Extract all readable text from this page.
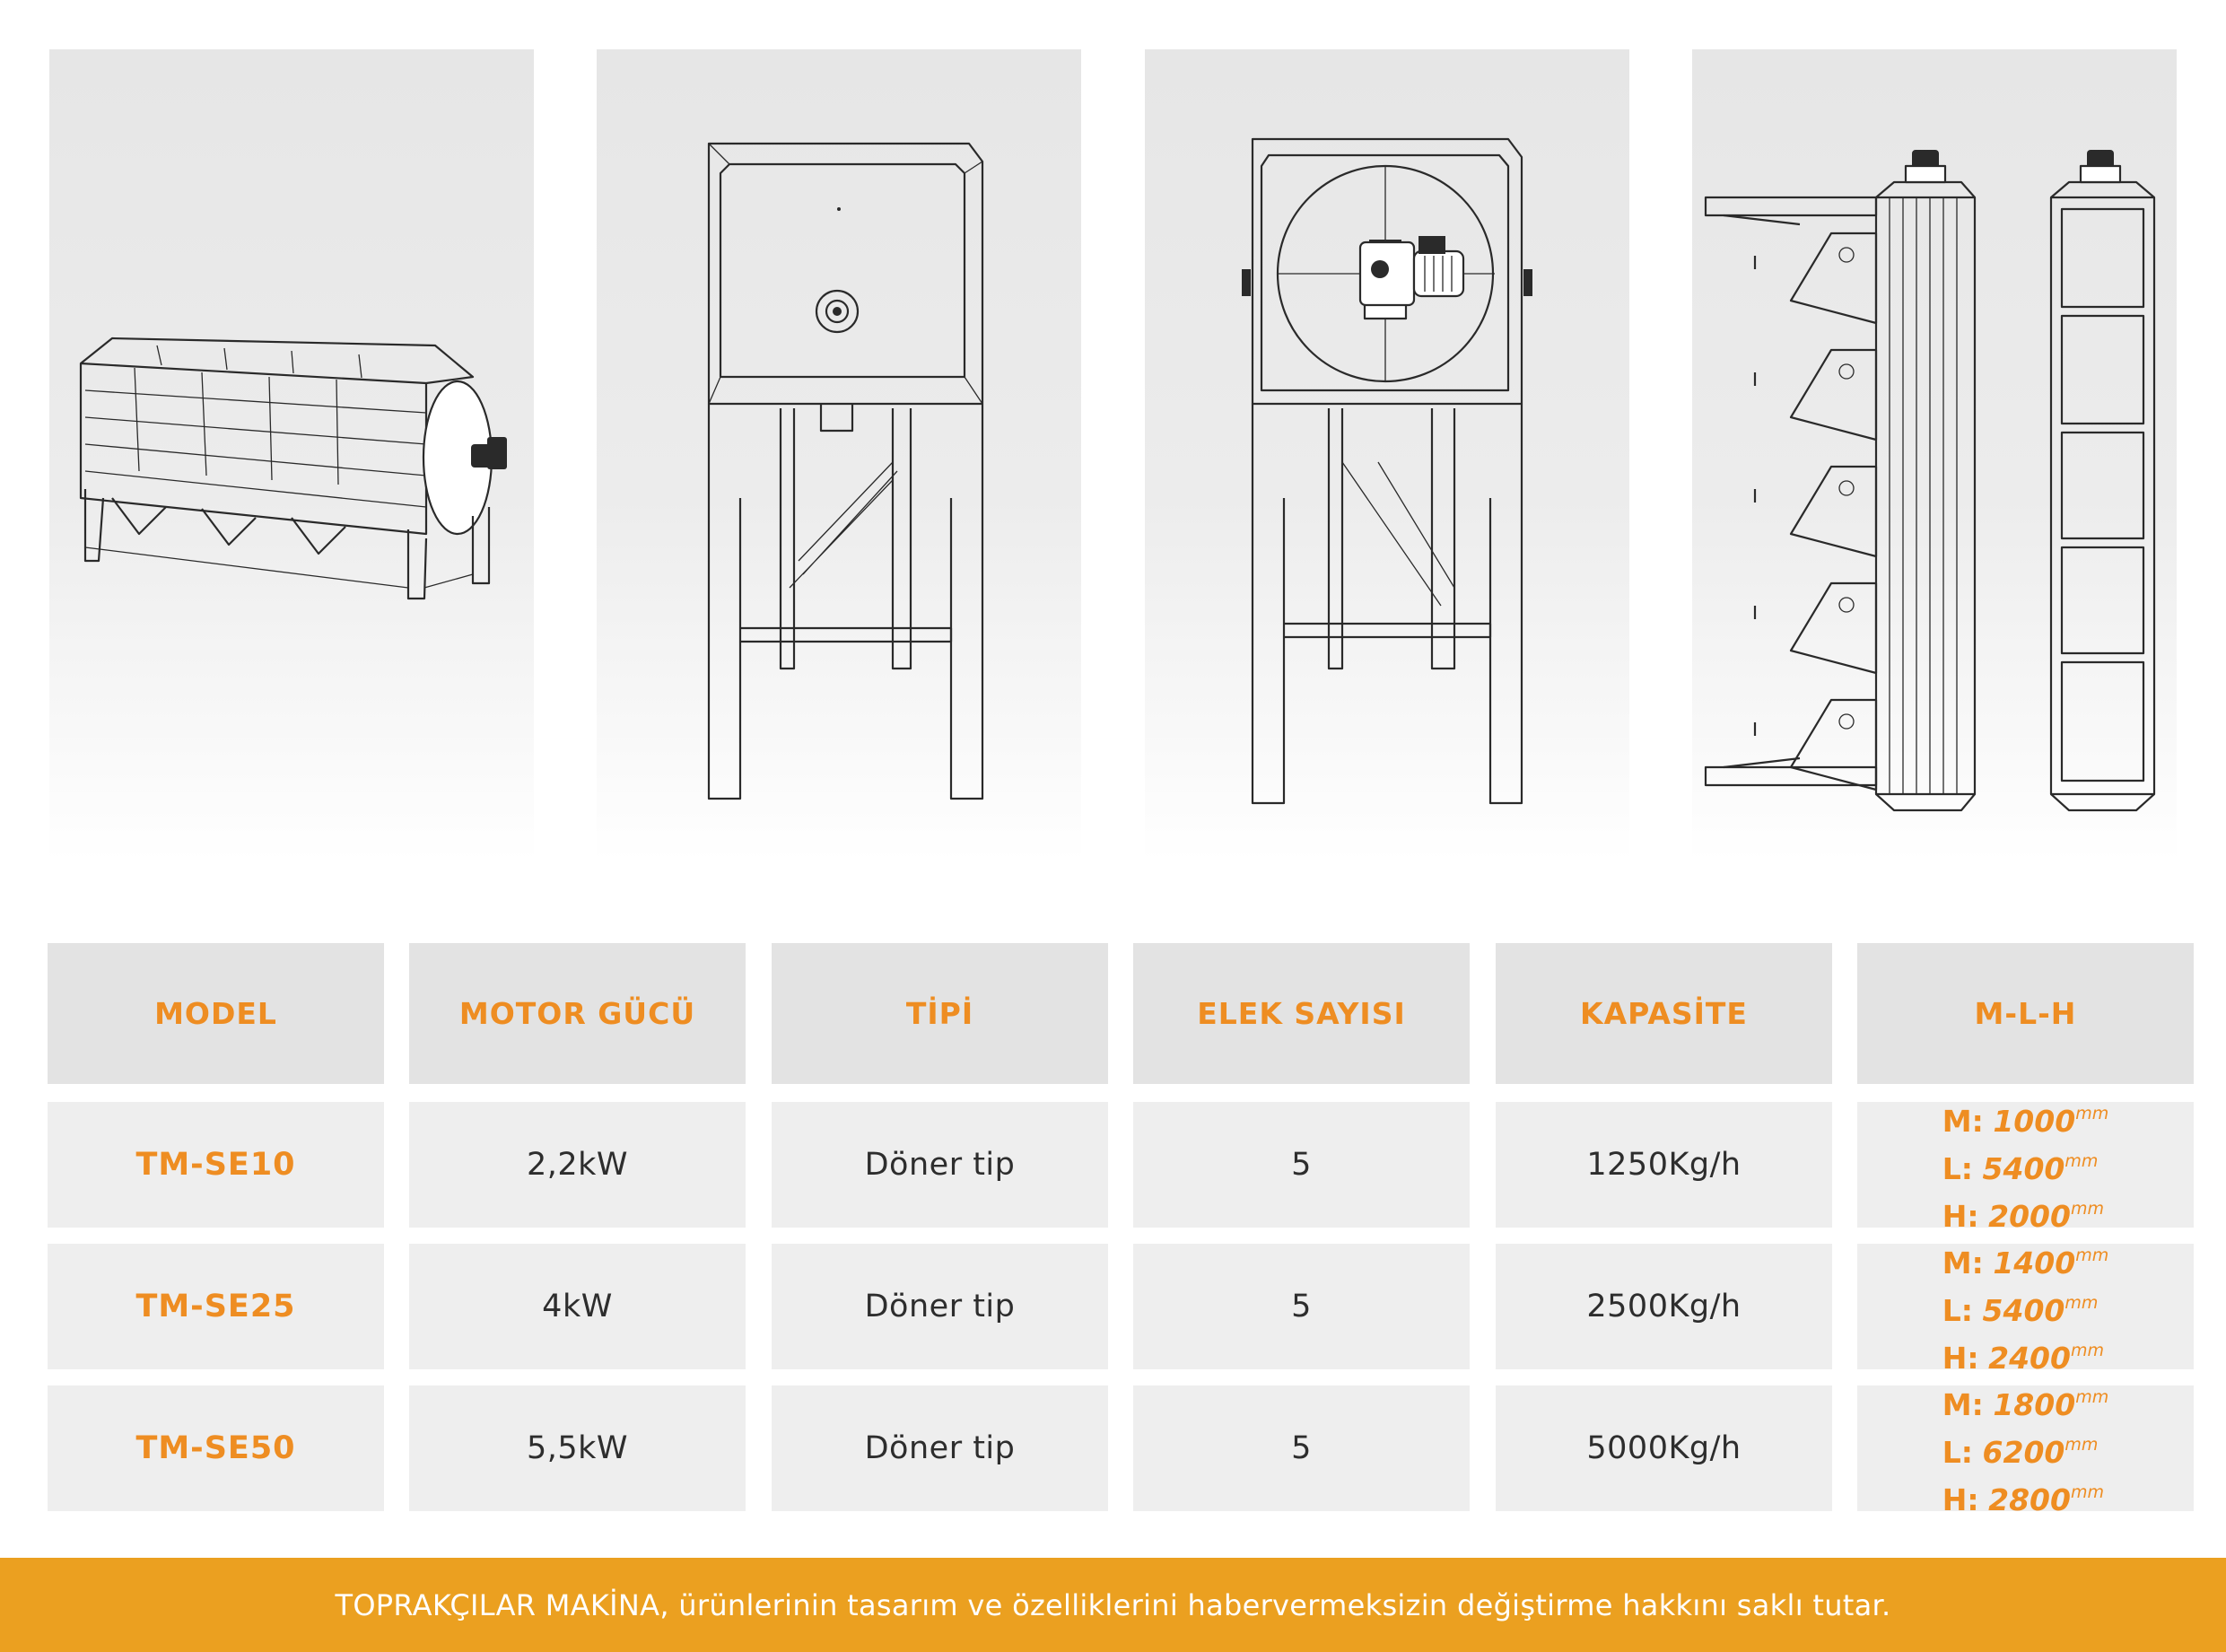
MODEL	MOTOR GÜCÜ	TİPİ	ELEK SAYISI	KAPASİTE	M-L-H
TM-SE10	2,2kW	Döner tip	5	1250Kg/h
M: $1000^{mm}$
L: $5400^{mm}$
H: $2000^{mm}$
TM-SE25	4kW	Döner tip	5	2500Kg/h
M: $1400^{mm}$
L: $5400^{mm}$
H: $2400^{mm}$
TM-SE50	5,5kW	Döner tip	5	5000Kg/h
M: $1800^{mm}$
L: $6200^{mm}$
H: $2800^{mm}$
TOPRAKÇILAR MAKİNA, ürünlerinin tasarım ve özelliklerini habervermeksizin değiştirme hakkını saklı tutar.
